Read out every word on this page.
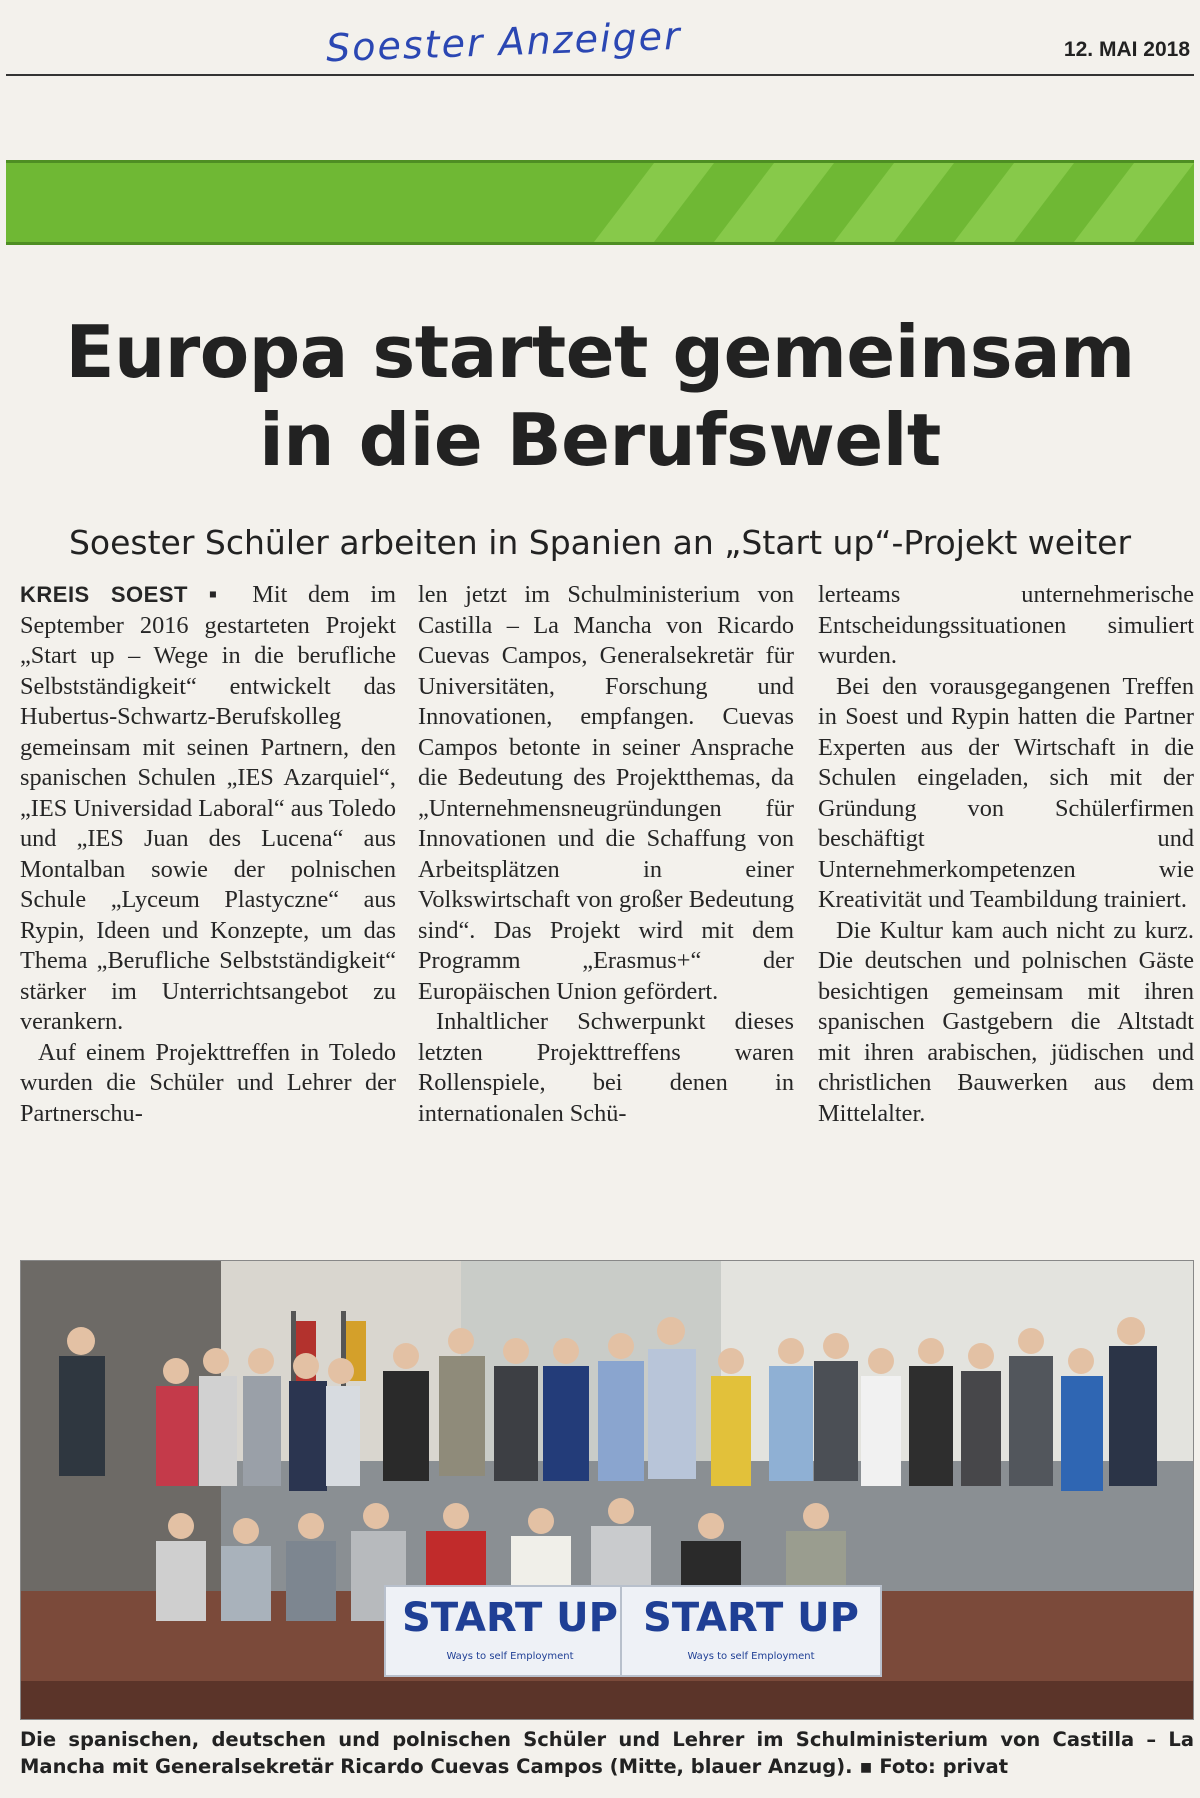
Soester Anzeiger	12. MAI 2018
Europa startet gemeinsam
in die Berufswelt
Soester Schüler arbeiten in Spanien an „Start up“-Projekt weiter

KREIS SOEST ▪ Mit dem im September 2016 gestarteten Projekt „Start up – Wege in die berufliche Selbstständigkeit“ entwickelt das Hubertus-Schwartz-Berufskolleg gemeinsam mit seinen Partnern, den spanischen Schulen „IES Azarquiel“, „IES Universidad Laboral“ aus Toledo und „IES Juan des Lucena“ aus Montalban sowie der polnischen Schule „Lyceum Plastyczne“ aus Rypin, Ideen und Konzepte, um das Thema „Berufliche Selbstständigkeit“ stärker im Unterrichtsangebot zu verankern.

Auf einem Projekttreffen in Toledo wurden die Schüler und Lehrer der Partnerschu-

len jetzt im Schulministerium von Castilla – La Mancha von Ricardo Cuevas Campos, Generalsekretär für Universitäten, Forschung und Innovationen, empfangen. Cuevas Campos betonte in seiner Ansprache die Bedeutung des Projektthemas, da „Unternehmensneugründungen für Innovationen und die Schaffung von Arbeitsplätzen in einer Volkswirtschaft von großer Bedeutung sind“. Das Projekt wird mit dem Programm „Erasmus+“ der Europäischen Union gefördert.

Inhaltlicher Schwerpunkt dieses letzten Projekttreffens waren Rollenspiele, bei denen in internationalen Schü-

lerteams unternehmerische Entscheidungssituationen simuliert wurden.

Bei den vorausgegangenen Treffen in Soest und Rypin hatten die Partner Experten aus der Wirtschaft in die Schulen eingeladen, sich mit der Gründung von Schülerfirmen beschäftigt und Unternehmerkompetenzen wie Kreativität und Teambildung trainiert.

Die Kultur kam auch nicht zu kurz. Die deutschen und polnischen Gäste besichtigen gemeinsam mit ihren spanischen Gastgebern die Altstadt mit ihren arabischen, jüdischen und christlichen Bauwerken aus dem Mittelalter.

START UP
Ways to self Employment
START UP
Ways to self Employment
Die spanischen, deutschen und polnischen Schüler und Lehrer im Schulministerium von Castilla – La Mancha mit Generalsekretär Ricardo Cuevas Campos (Mitte, blauer Anzug). ▪ Foto: privat
